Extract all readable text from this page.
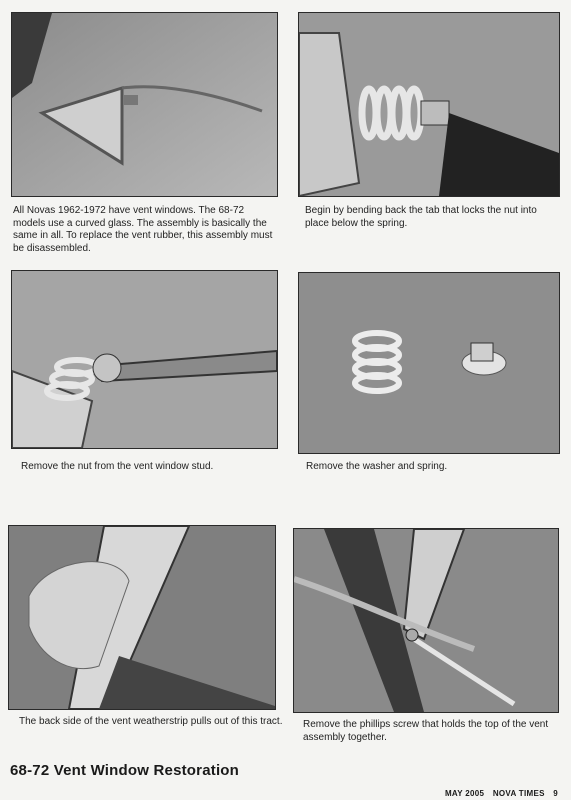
All Novas 1962-1972 have vent windows. The 68-72 models use a curved glass. The assembly is basically the same in all. To replace the vent rubber, this assembly must be disassembled.

Begin by bending back the tab that locks the nut into place below the spring.

Remove the nut from the vent window stud.	Remove the washer and spring.

The back side of the vent weatherstrip pulls out of this tract. Remove the phillips screw that holds the top of the vent assembly together.

68-72 Vent Window Restoration
MAY 2005 NOVA TIMES 9
